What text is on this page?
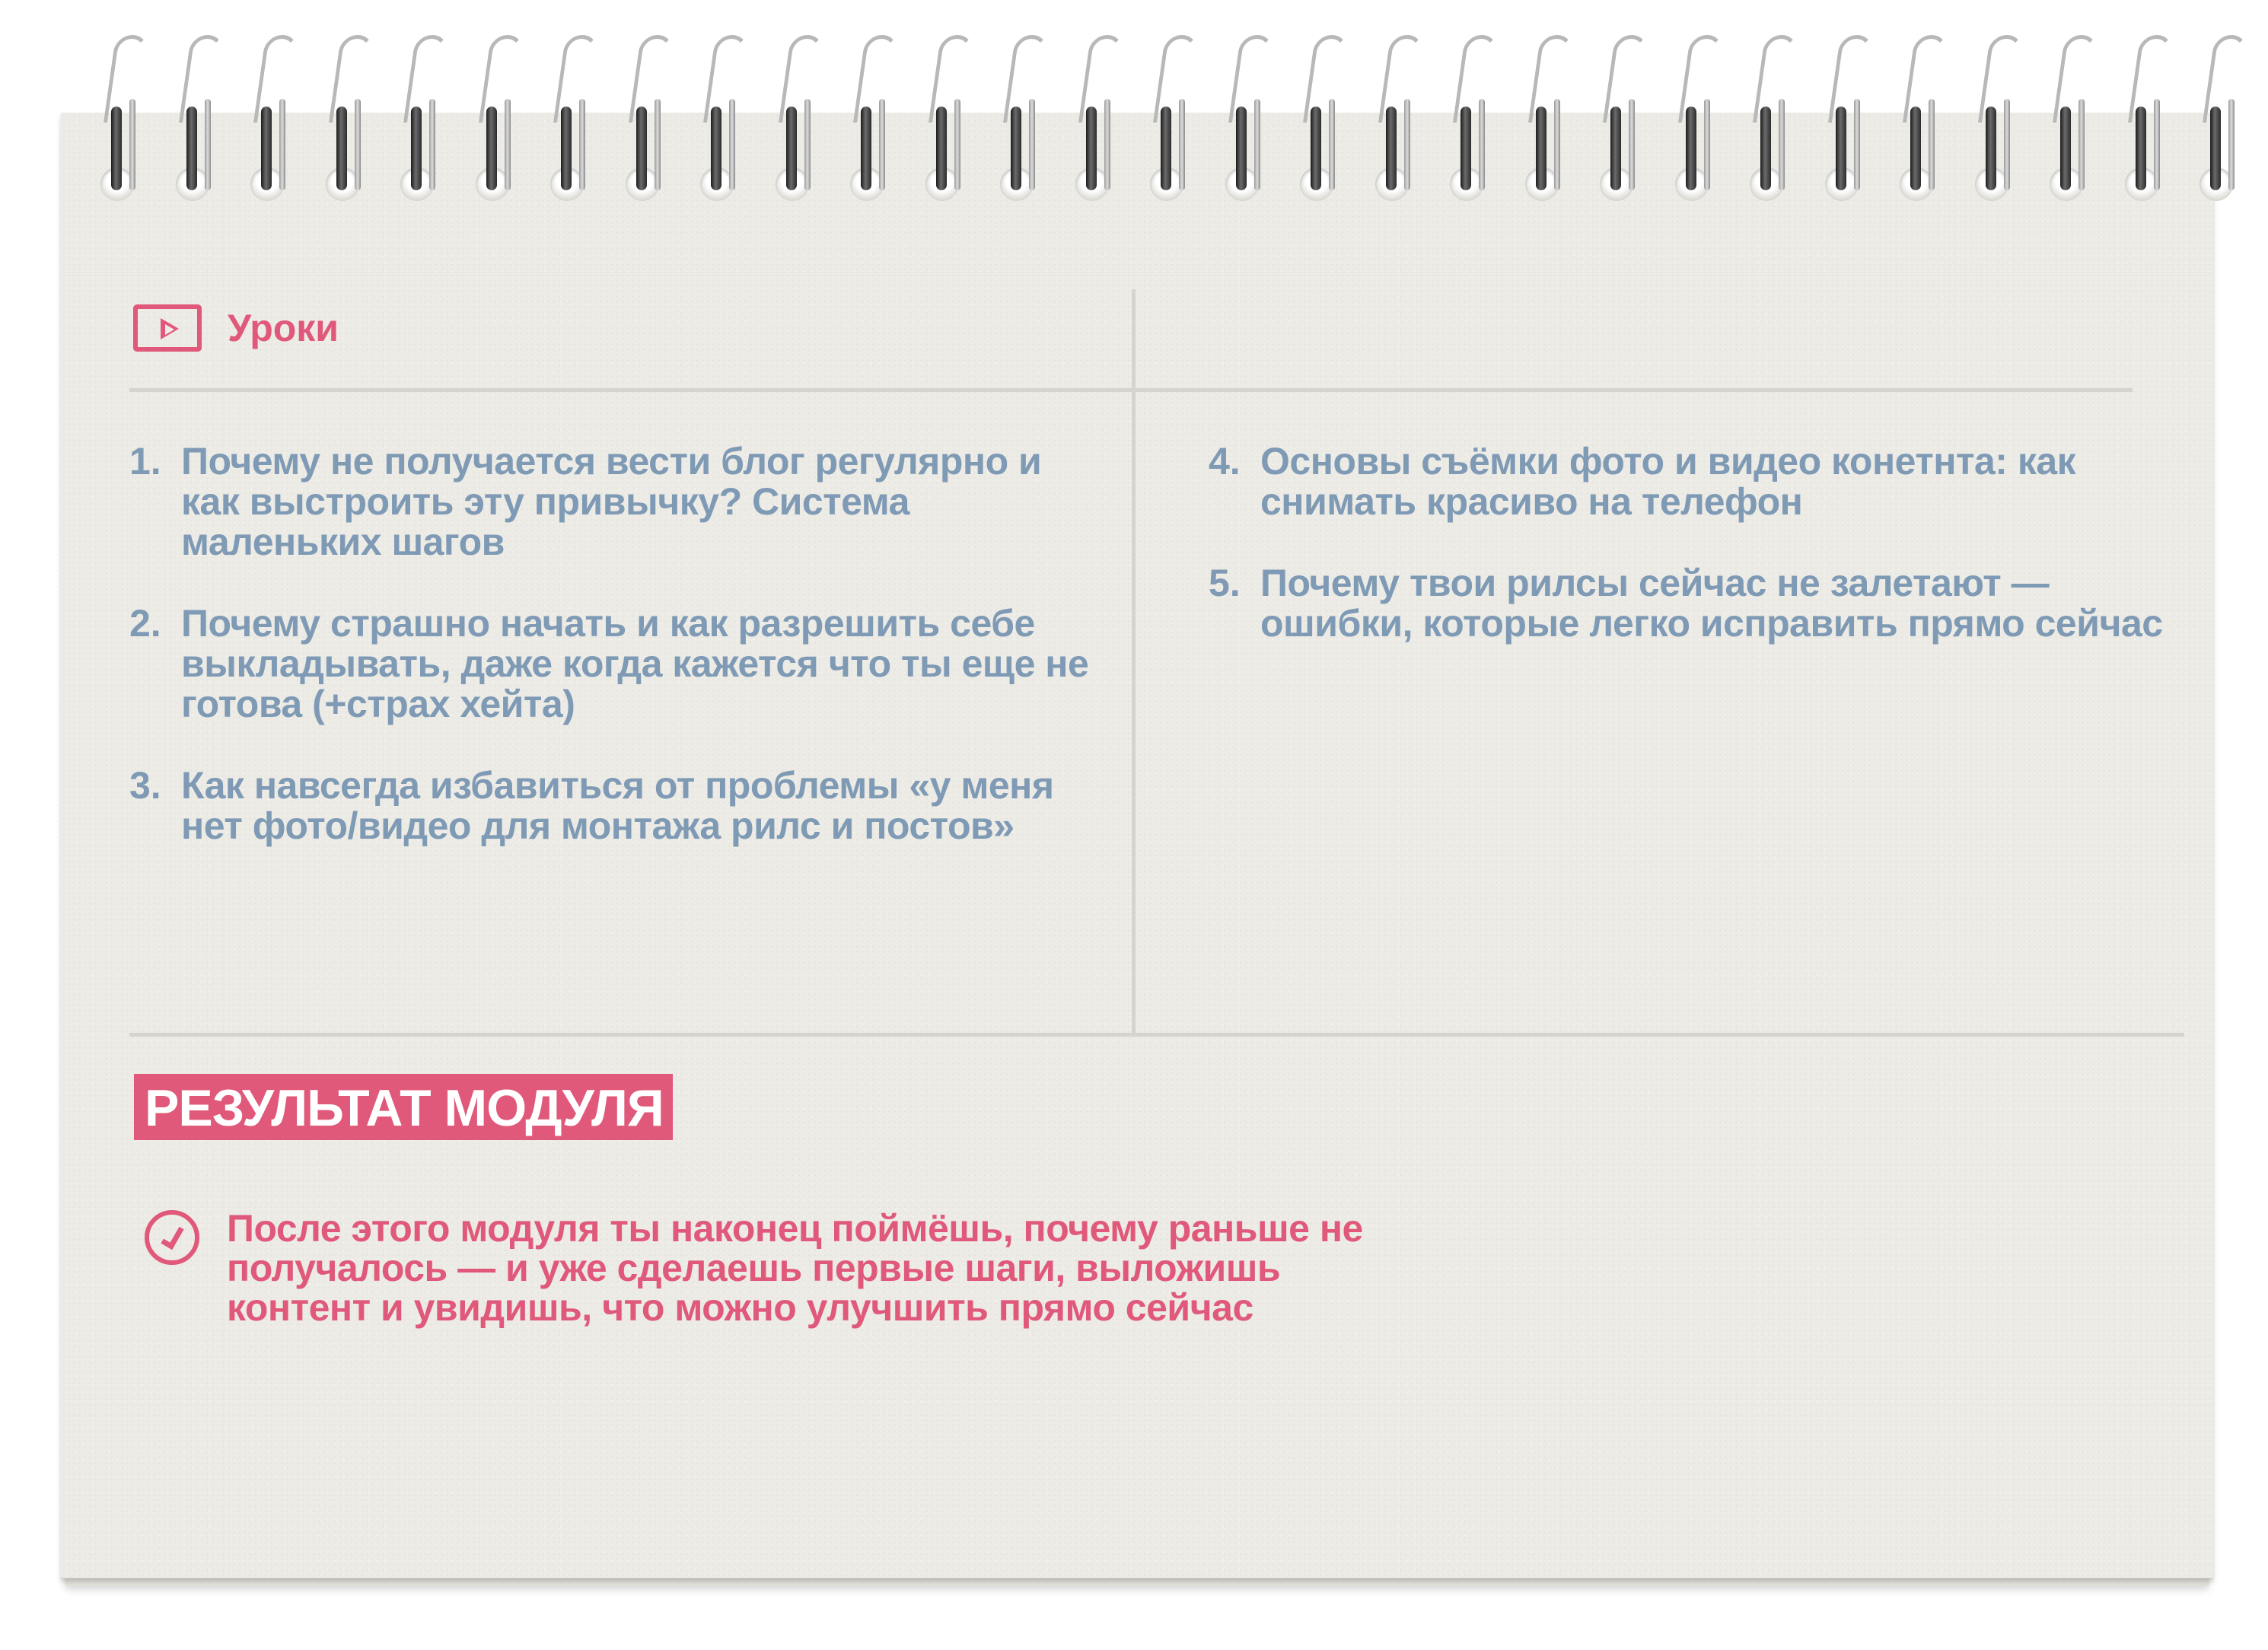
Уроки
1. Почему не получается вести блог регулярно и как выстроить эту привычку? Система маленьких шагов
2. Почему страшно начать и как разрешить себе выкладывать, даже когда кажется что ты еще не готова (+страх хейта)
3. Как навсегда избавиться от проблемы «у меня нет фото/видео для монтажа рилс и постов»
4. Основы съёмки фото и видео конетнта: как снимать красиво на телефон
5. Почему твои рилсы сейчас не залетают — ошибки, которые легко исправить прямо сейчас
РЕЗУЛЬТАТ МОДУЛЯ
После этого модуля ты наконец поймёшь, почему раньше не получалось — и уже сделаешь первые шаги, выложишь контент и увидишь, что можно улучшить прямо сейчас
